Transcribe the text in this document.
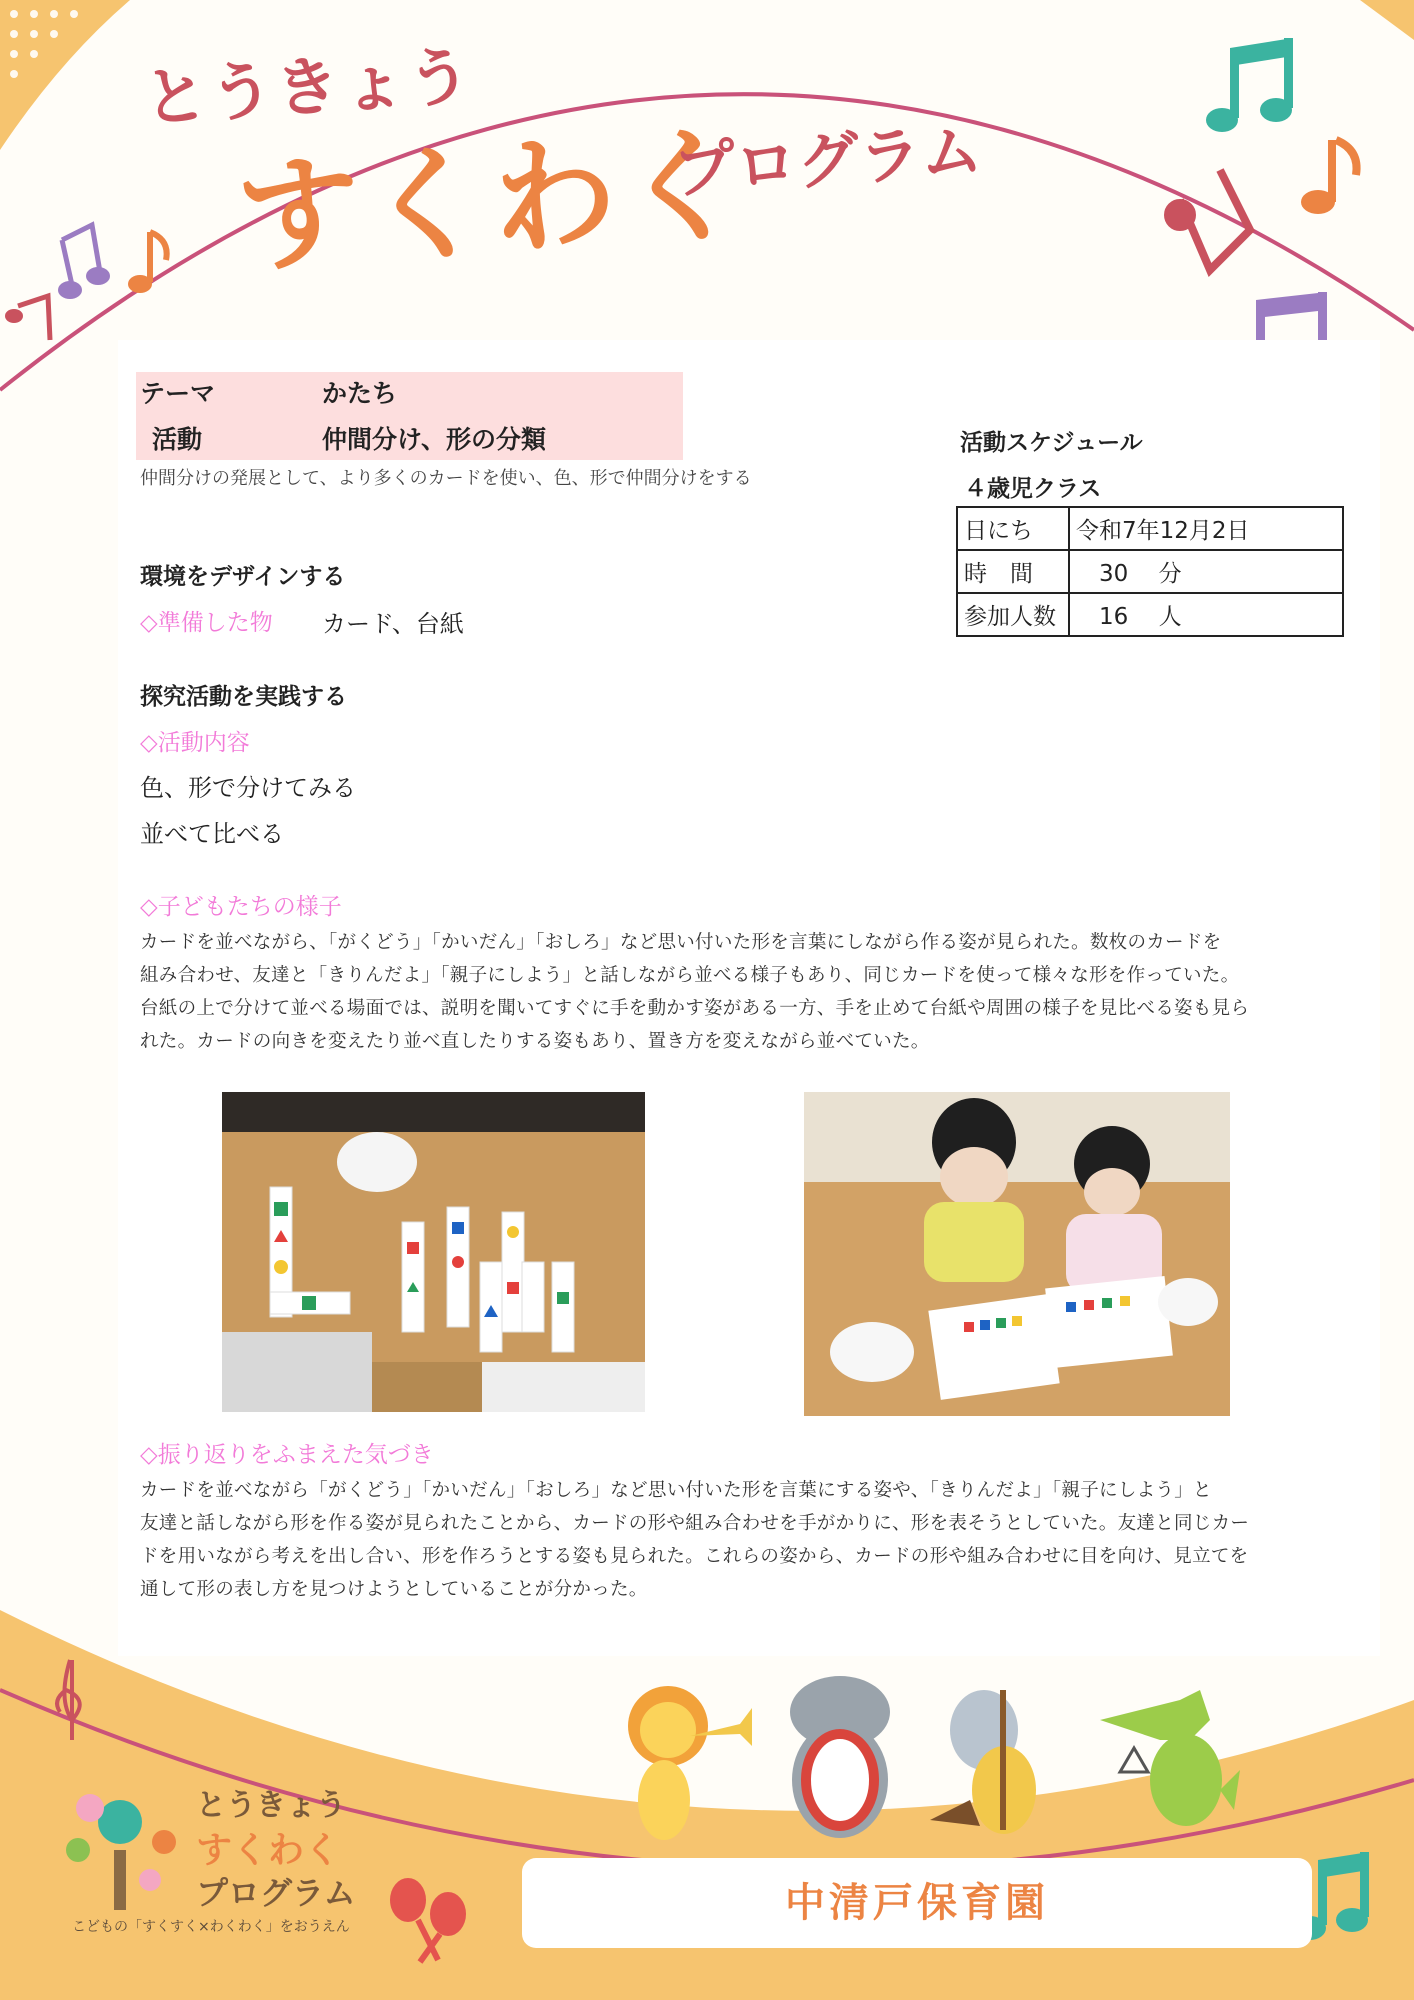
とうきょう
すくわく
プログラム
テーマ	かたち
活動	仲間分け、形の分類
仲間分けの発展として、より多くのカードを使い、色、形で仲間分けをする
活動スケジュール
４歳児クラス
日にち	令和7年12月2日
時　間	　30　 分
参加人数	　16　 人
環境をデザインする
◇準備した物 カード、台紙
探究活動を実践する
◇活動内容
色、形で分けてみる
並べて比べる
◇子どもたちの様子
カードを並べながら、「がくどう」「かいだん」「おしろ」など思い付いた形を言葉にしながら作る姿が見られた。数枚のカードを
組み合わせ、友達と「きりんだよ」「親子にしよう」と話しながら並べる様子もあり、同じカードを使って様々な形を作っていた。
台紙の上で分けて並べる場面では、説明を聞いてすぐに手を動かす姿がある一方、手を止めて台紙や周囲の様子を見比べる姿も見ら
れた。カードの向きを変えたり並べ直したりする姿もあり、置き方を変えながら並べていた。
◇振り返りをふまえた気づき
カードを並べながら「がくどう」「かいだん」「おしろ」など思い付いた形を言葉にする姿や、「きりんだよ」「親子にしよう」と
友達と話しながら形を作る姿が見られたことから、カードの形や組み合わせを手がかりに、形を表そうとしていた。友達と同じカー
ドを用いながら考えを出し合い、形を作ろうとする姿も見られた。これらの姿から、カードの形や組み合わせに目を向け、見立てを
通して形の表し方を見つけようとしていることが分かった。
とうきょう
すくわく
プログラム
こどもの「すくすく×わくわく」をおうえん
中清戸保育園
